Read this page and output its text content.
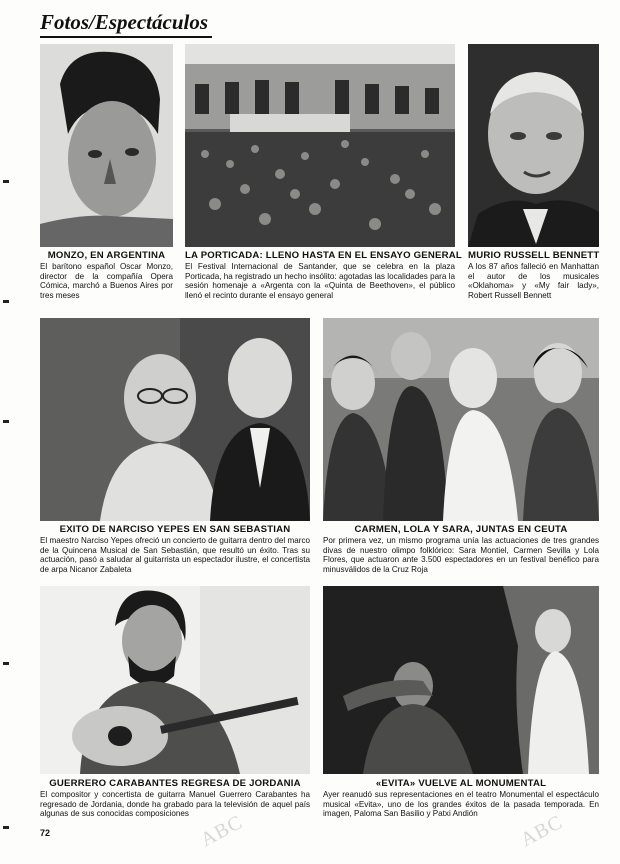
Fotos/Espectáculos
MONZO, EN ARGENTINA
El barítono español Oscar Monzo, director de la compañía Opera Cómica, marchó a Buenos Aires por tres meses
LA PORTICADA: LLENO HASTA EN EL ENSAYO GENERAL
El Festival Internacional de Santander, que se celebra en la plaza Porticada, ha registrado un hecho insólito: agotadas las localidades para la sesión homenaje a «Argenta con la «Quinta de Beethoven», el público llenó el recinto durante el ensayo general
MURIO RUSSELL BENNETT
A los 87 años falleció en Manhattan el autor de los musicales «Oklahoma» y «My fair lady», Robert Russell Bennett
EXITO DE NARCISO YEPES EN SAN SEBASTIAN
El maestro Narciso Yepes ofreció un concierto de guitarra dentro del marco de la Quincena Musical de San Sebastián, que resultó un éxito. Tras su actuación, pasó a saludar al guitarrista un espectador ilustre, el concertista de arpa Nicanor Zabaleta
CARMEN, LOLA Y SARA, JUNTAS EN CEUTA
Por primera vez, un mismo programa unía las actuaciones de tres grandes divas de nuestro olimpo folklórico: Sara Montiel, Carmen Sevilla y Lola Flores, que actuaron ante 3.500 espectadores en un festival benéfico para minusválidos de la Cruz Roja
GUERRERO CARABANTES REGRESA DE JORDANIA
El compositor y concertista de guitarra Manuel Guerrero Carabantes ha regresado de Jordania, donde ha grabado para la televisión de aquel país algunas de sus conocidas composiciones
«EVITA» VUELVE AL MONUMENTAL
Ayer reanudó sus representaciones en el teatro Monumental el espectáculo musical «Evita», uno de los grandes éxitos de la pasada temporada. En imagen, Paloma San Basilio y Patxi Andión
72	ABC	ABC
